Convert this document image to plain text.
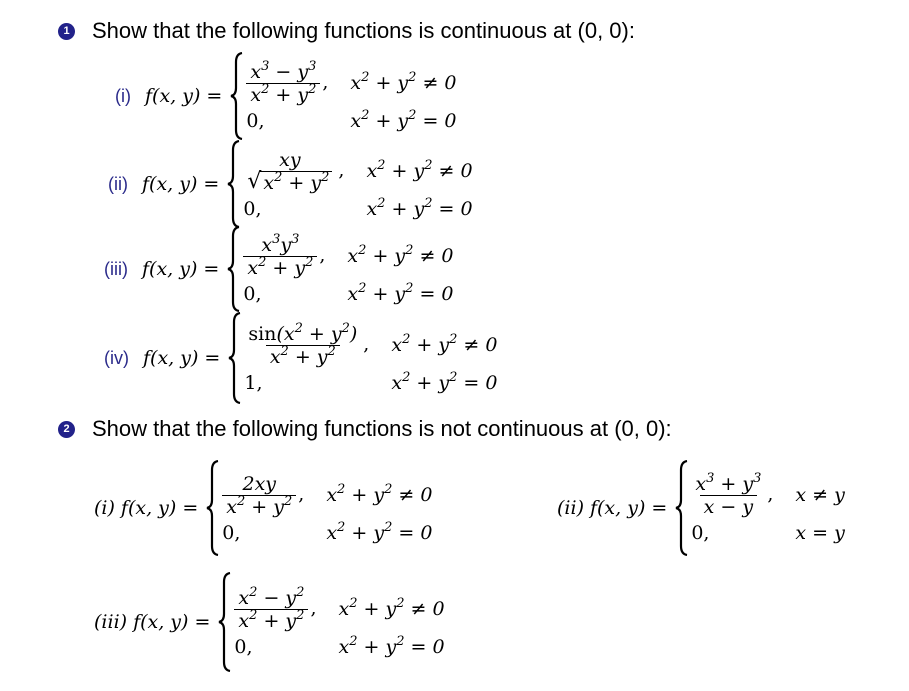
1 Show that the following functions is continuous at (0, 0):
(i) f(x, $y) = \frac{x^3 - y^3}{x^2 + y^2}$ , $x^2 + y^2 \ne 0$
0,	$x^2 + y^2 = 0$
(ii) f(x, y) =
xy
√ $x^2 + y^2$ , $x^2 + y^2 \ne 0$
0,	$x^2 + y^2 = 0$
(iii) f(x, $y) = \frac{x^3y^3}{x^2 + y^2}$ , $x^2 + y^2 \ne 0$
0,	$x^2 + y^2 = 0$
(iv) f(x, $y) = \frac{\sin(x^2 + y^2)}{x^2 + y^2}$ , $x^2 + y^2 \ne 0$
1,	$x^2 + y^2 = 0$
(i) f(x, $y) = \frac{2xy}{x^2 + y^2}$ , $x^2 + y^2 \ne 0$
0,	$x^2 + y^2 = 0$
(ii) f(x, $y) = \frac{x^3 + y^3}{x - y}$ , x ≠ y
0,	x = y
(iii) f(x, $y) = \frac{x^2 - y^2}{x^2 + y^2}$ , $x^2 + y^2 \ne 0$
0,	$x^2 + y^2 = 0$
2 Show that the following functions is not continuous at (0, 0):
